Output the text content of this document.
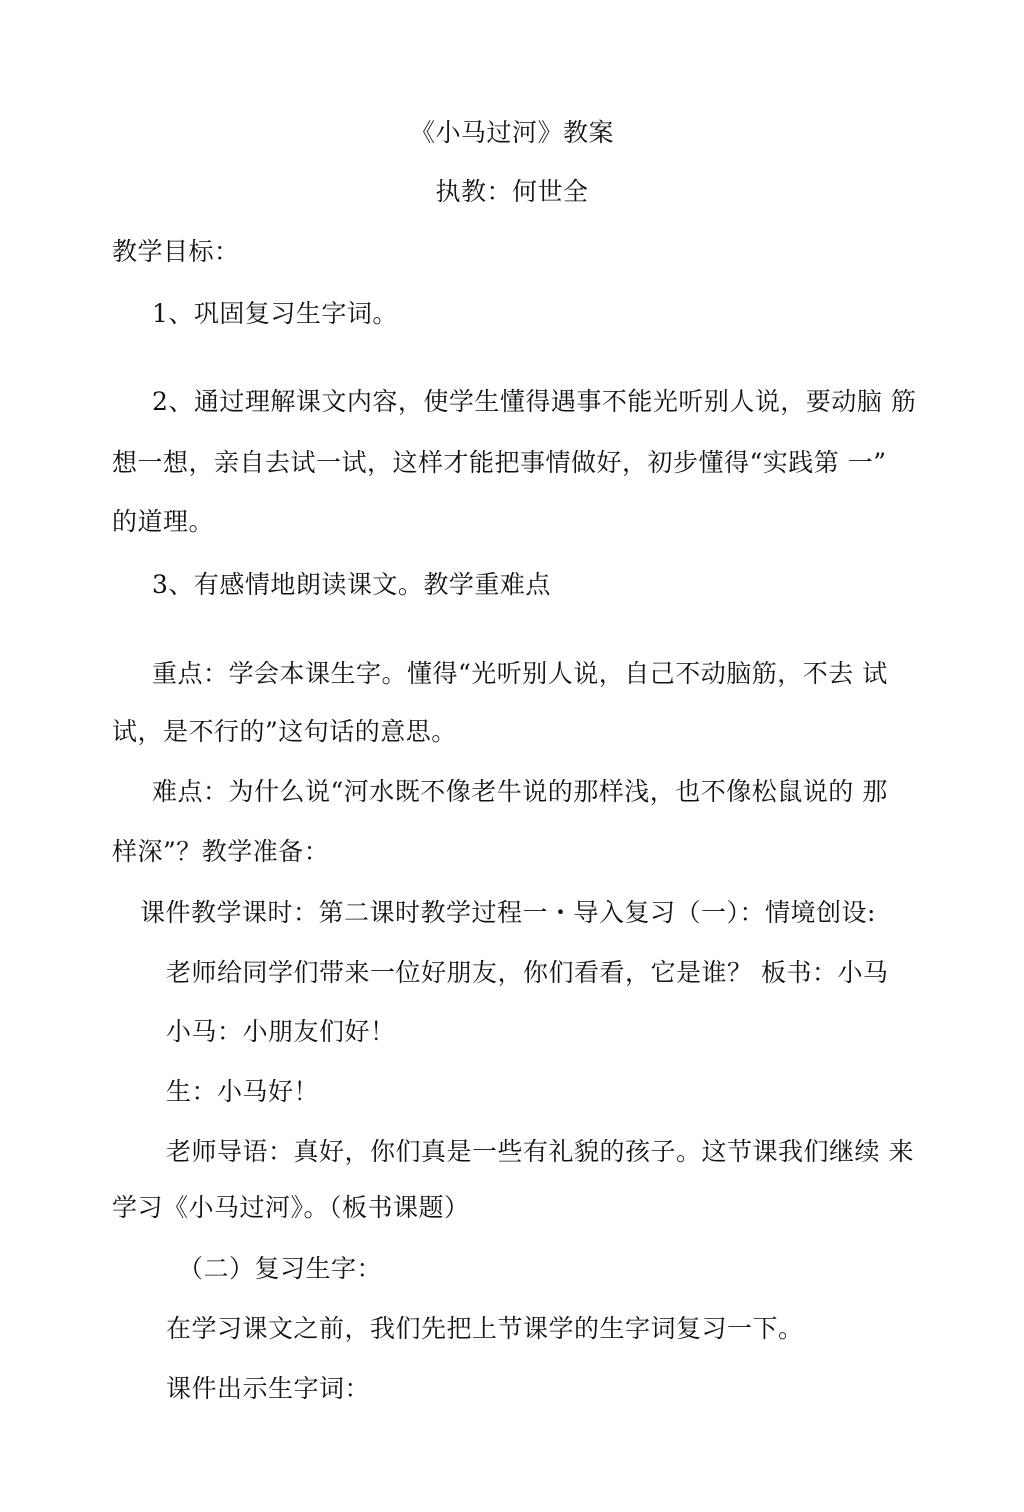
《小马过河》教案
执教：何世全
教学目标：
1、巩固复习生字词。
2、通过理解课文内容，使学生懂得遇事不能光听别人说，要动脑 筋
想一想，亲自去试一试，这样才能把事情做好，初步懂得“实践第 一”
的道理。
3、有感情地朗读课文。教学重难点
重点：学会本课生字。懂得“光听别人说，自己不动脑筋，不去 试
试，是不行的”这句话的意思。
难点：为什么说“河水既不像老牛说的那样浅，也不像松鼠说的 那
样深”？教学准备：
课件教学课时：第二课时教学过程一・导入复习（一）：情境创设:
老师给同学们带来一位好朋友，你们看看，它是谁？ 板书：小马
小马：小朋友们好！
生：小马好！
老师导语：真好，你们真是一些有礼貌的孩子。这节课我们继续 来
学习《小马过河》。（板书课题）
（二）复习生字：
在学习课文之前，我们先把上节课学的生字词复习一下。
课件出示生字词：
